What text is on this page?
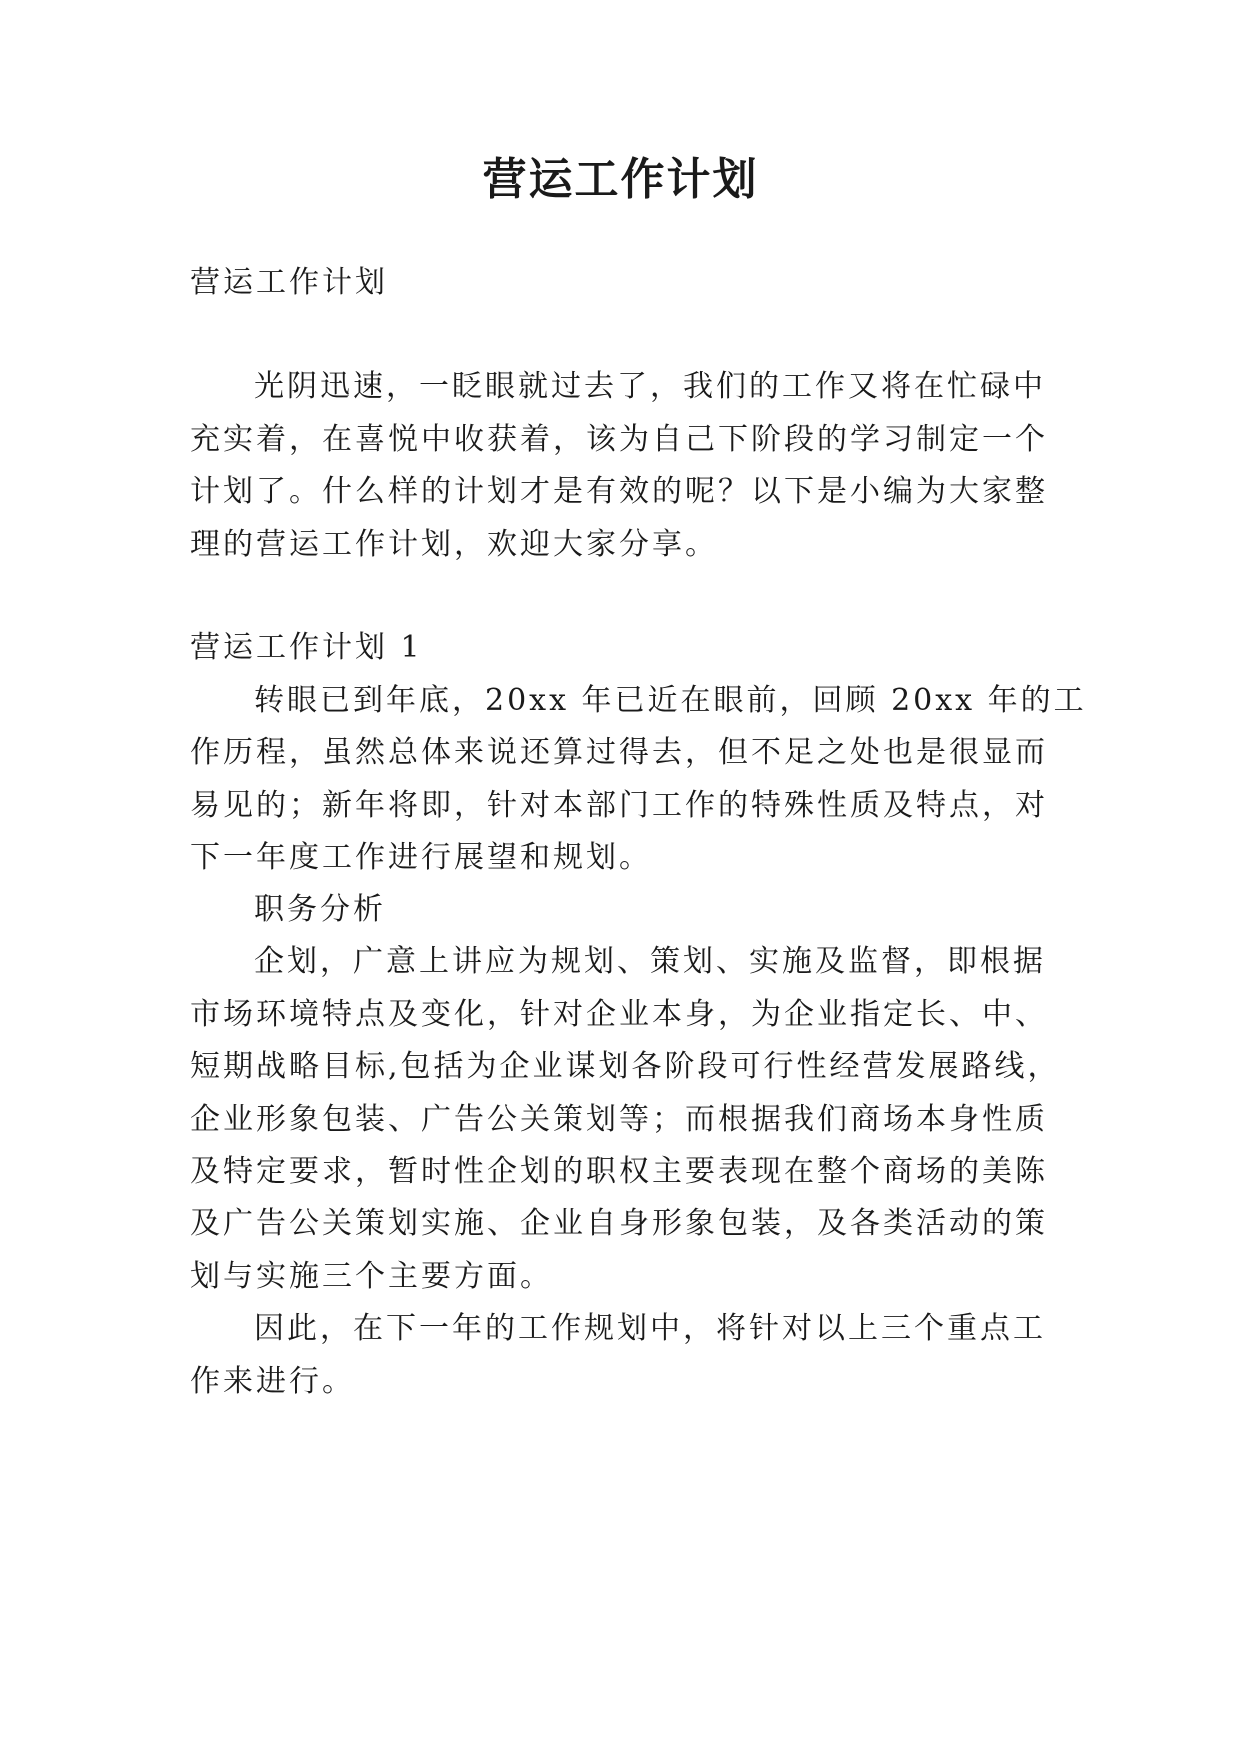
营运工作计划
营运工作计划
光阴迅速，一眨眼就过去了，我们的工作又将在忙碌中
充实着，在喜悦中收获着，该为自己下阶段的学习制定一个
计划了。什么样的计划才是有效的呢？以下是小编为大家整
理的营运工作计划，欢迎大家分享。
营运工作计划 1
转眼已到年底，20xx 年已近在眼前，回顾 20xx 年的工
作历程，虽然总体来说还算过得去，但不足之处也是很显而
易见的；新年将即，针对本部门工作的特殊性质及特点，对
下一年度工作进行展望和规划。
职务分析
企划，广意上讲应为规划、策划、实施及监督，即根据
市场环境特点及变化，针对企业本身，为企业指定长、中、
短期战略目标,包括为企业谋划各阶段可行性经营发展路线，
企业形象包装、广告公关策划等；而根据我们商场本身性质
及特定要求，暂时性企划的职权主要表现在整个商场的美陈
及广告公关策划实施、企业自身形象包装，及各类活动的策
划与实施三个主要方面。
因此，在下一年的工作规划中，将针对以上三个重点工
作来进行。
